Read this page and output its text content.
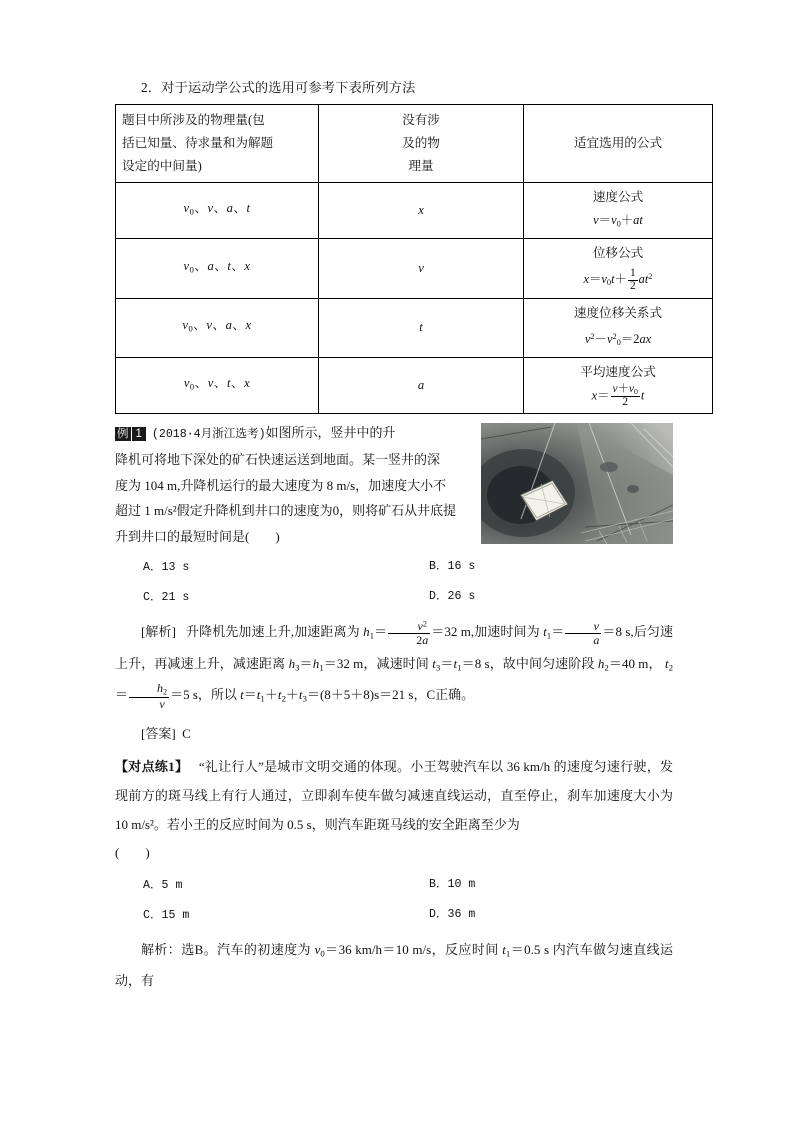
2．对于运动学公式的选用可参考下表所列方法
题目中所涉及的物理量(包
括已知量、待求量和为解题
设定的中间量)	没有涉
及的物
理量	适宜选用的公式
$v_0$、v、a、t	x	速度公式
$v=v_0+at$

$v_0$、a、t、x	v	位移公式
$x=v_0t+ \frac{1}{2} at^2$

$v_0$、v、a、x	t	速度位移关系式
$v^2-v^2_0=2ax$

$v_0$、v、t、x	a	平均速度公式
$x= \frac{v+v_0}{2}$ t

例 1 (2018·4月浙江选考)如图所示，竖井中的升

降机可将地下深处的矿石快速运送到地面。某一竖井的深

度为 104 m,升降机运行的最大速度为 8 m/s，加速度大小不

超过 1 m/s²假定升降机到井口的速度为0，则将矿石从井底提

升到井口的最短时间是(　　)

A．13 s	B．16 s
C．21 s	D．26 s
[解析]   升降机先加速上升,加速距离为 $h_1= \frac{v^2}{2a} =32$ m,加速时间为 $t_1= \frac{v}{a} =8$ s,后匀速上升，再减速上升，减速距离 $h_3=h_1=32$ m，减速时间 $t_3=t_1=8$ s，故中间匀速阶段 $h_2=40$ m， $t_2= \frac{h_2}{v} =5$ s，所以 $t=t_1+t_2+t_3=(8+5+8)s=21$ s，C正确。
[答案] C
【对点练1】 “礼让行人”是城市文明交通的体现。小王驾驶汽车以 36 km/h 的速度匀速行驶，发现前方的斑马线上有行人通过，立即刹车使车做匀减速直线运动，直至停止，刹车加速度大小为 10 m/s²。若小王的反应时间为 0.5 s，则汽车距斑马线的安全距离至少为
(　　)
A．5 m	B．10 m
C．15 m	D．36 m
解析：选B。汽车的初速度为 $v_0=36$ km/h＝10 m/s，反应时间 $t_1=0.5$ s 内汽车做匀速直线运动，有
